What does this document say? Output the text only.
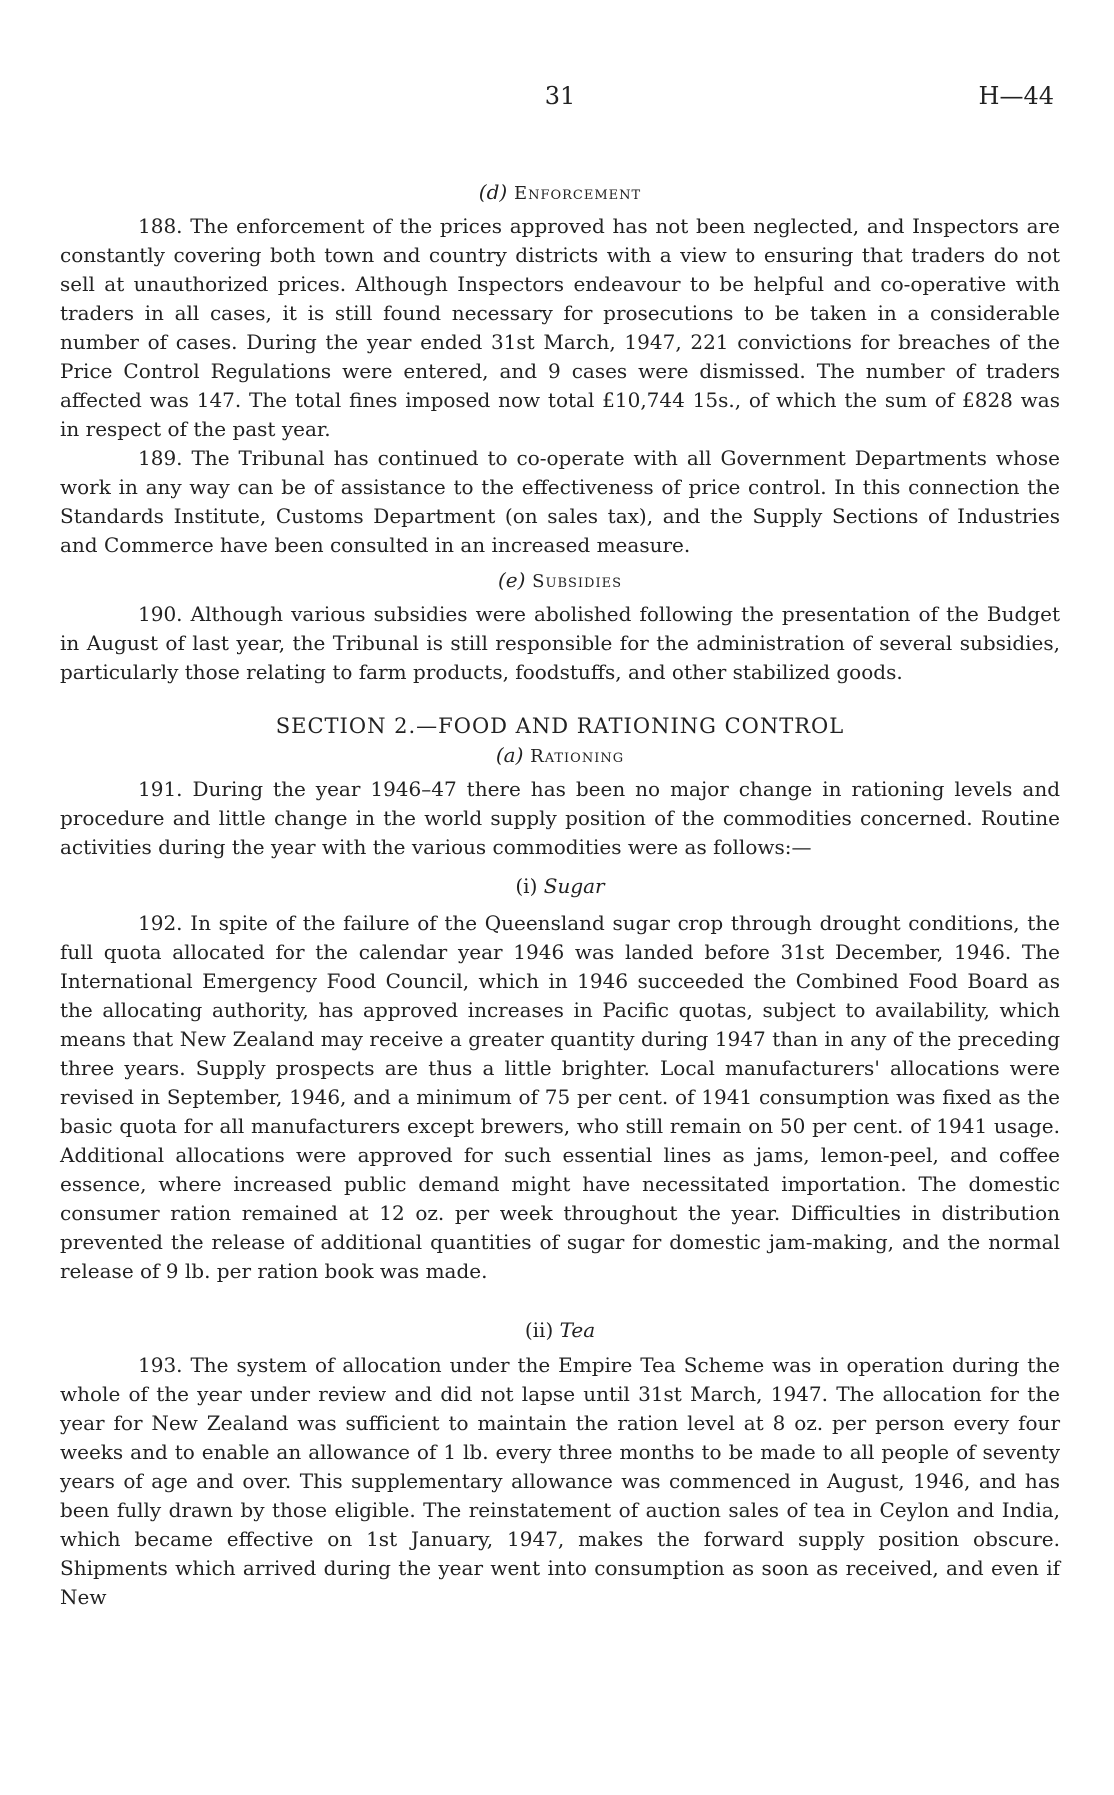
31	H—44

(d) Enforcement

188. The enforcement of the prices approved has not been neglected, and Inspectors are constantly covering both town and country districts with a view to ensuring that traders do not sell at unauthorized prices. Although Inspectors endeavour to be helpful and co-operative with traders in all cases, it is still found necessary for prosecutions to be taken in a considerable number of cases. During the year ended 31st March, 1947, 221 convictions for breaches of the Price Control Regulations were entered, and 9 cases were dismissed. The number of traders affected was 147. The total fines imposed now total £10,744 15s., of which the sum of £828 was in respect of the past year.

189. The Tribunal has continued to co-operate with all Government Departments whose work in any way can be of assistance to the effectiveness of price control. In this connection the Standards Institute, Customs Department (on sales tax), and the Supply Sections of Industries and Commerce have been consulted in an increased measure.

(e) Subsidies

190. Although various subsidies were abolished following the presentation of the Budget in August of last year, the Tribunal is still responsible for the administration of several subsidies, particularly those relating to farm products, foodstuffs, and other stabilized goods.

SECTION 2.—FOOD AND RATIONING CONTROL

(a) Rationing

191. During the year 1946–47 there has been no major change in rationing levels and procedure and little change in the world supply position of the commodities concerned. Routine activities during the year with the various commodities were as follows:—

(i) Sugar

192. In spite of the failure of the Queensland sugar crop through drought conditions, the full quota allocated for the calendar year 1946 was landed before 31st December, 1946. The International Emergency Food Council, which in 1946 succeeded the Combined Food Board as the allocating authority, has approved increases in Pacific quotas, subject to availability, which means that New Zealand may receive a greater quantity during 1947 than in any of the preceding three years. Supply prospects are thus a little brighter. Local manufacturers' allocations were revised in September, 1946, and a minimum of 75 per cent. of 1941 consumption was fixed as the basic quota for all manufacturers except brewers, who still remain on 50 per cent. of 1941 usage. Additional allocations were approved for such essential lines as jams, lemon-peel, and coffee essence, where increased public demand might have necessitated importation. The domestic consumer ration remained at 12 oz. per week throughout the year. Difficulties in distribution prevented the release of additional quantities of sugar for domestic jam-making, and the normal release of 9 lb. per ration book was made.

(ii) Tea

193. The system of allocation under the Empire Tea Scheme was in operation during the whole of the year under review and did not lapse until 31st March, 1947. The allocation for the year for New Zealand was sufficient to maintain the ration level at 8 oz. per person every four weeks and to enable an allowance of 1 lb. every three months to be made to all people of seventy years of age and over. This supplementary allowance was commenced in August, 1946, and has been fully drawn by those eligible. The reinstatement of auction sales of tea in Ceylon and India, which became effective on 1st January, 1947, makes the forward supply position obscure. Shipments which arrived during the year went into consumption as soon as received, and even if New
